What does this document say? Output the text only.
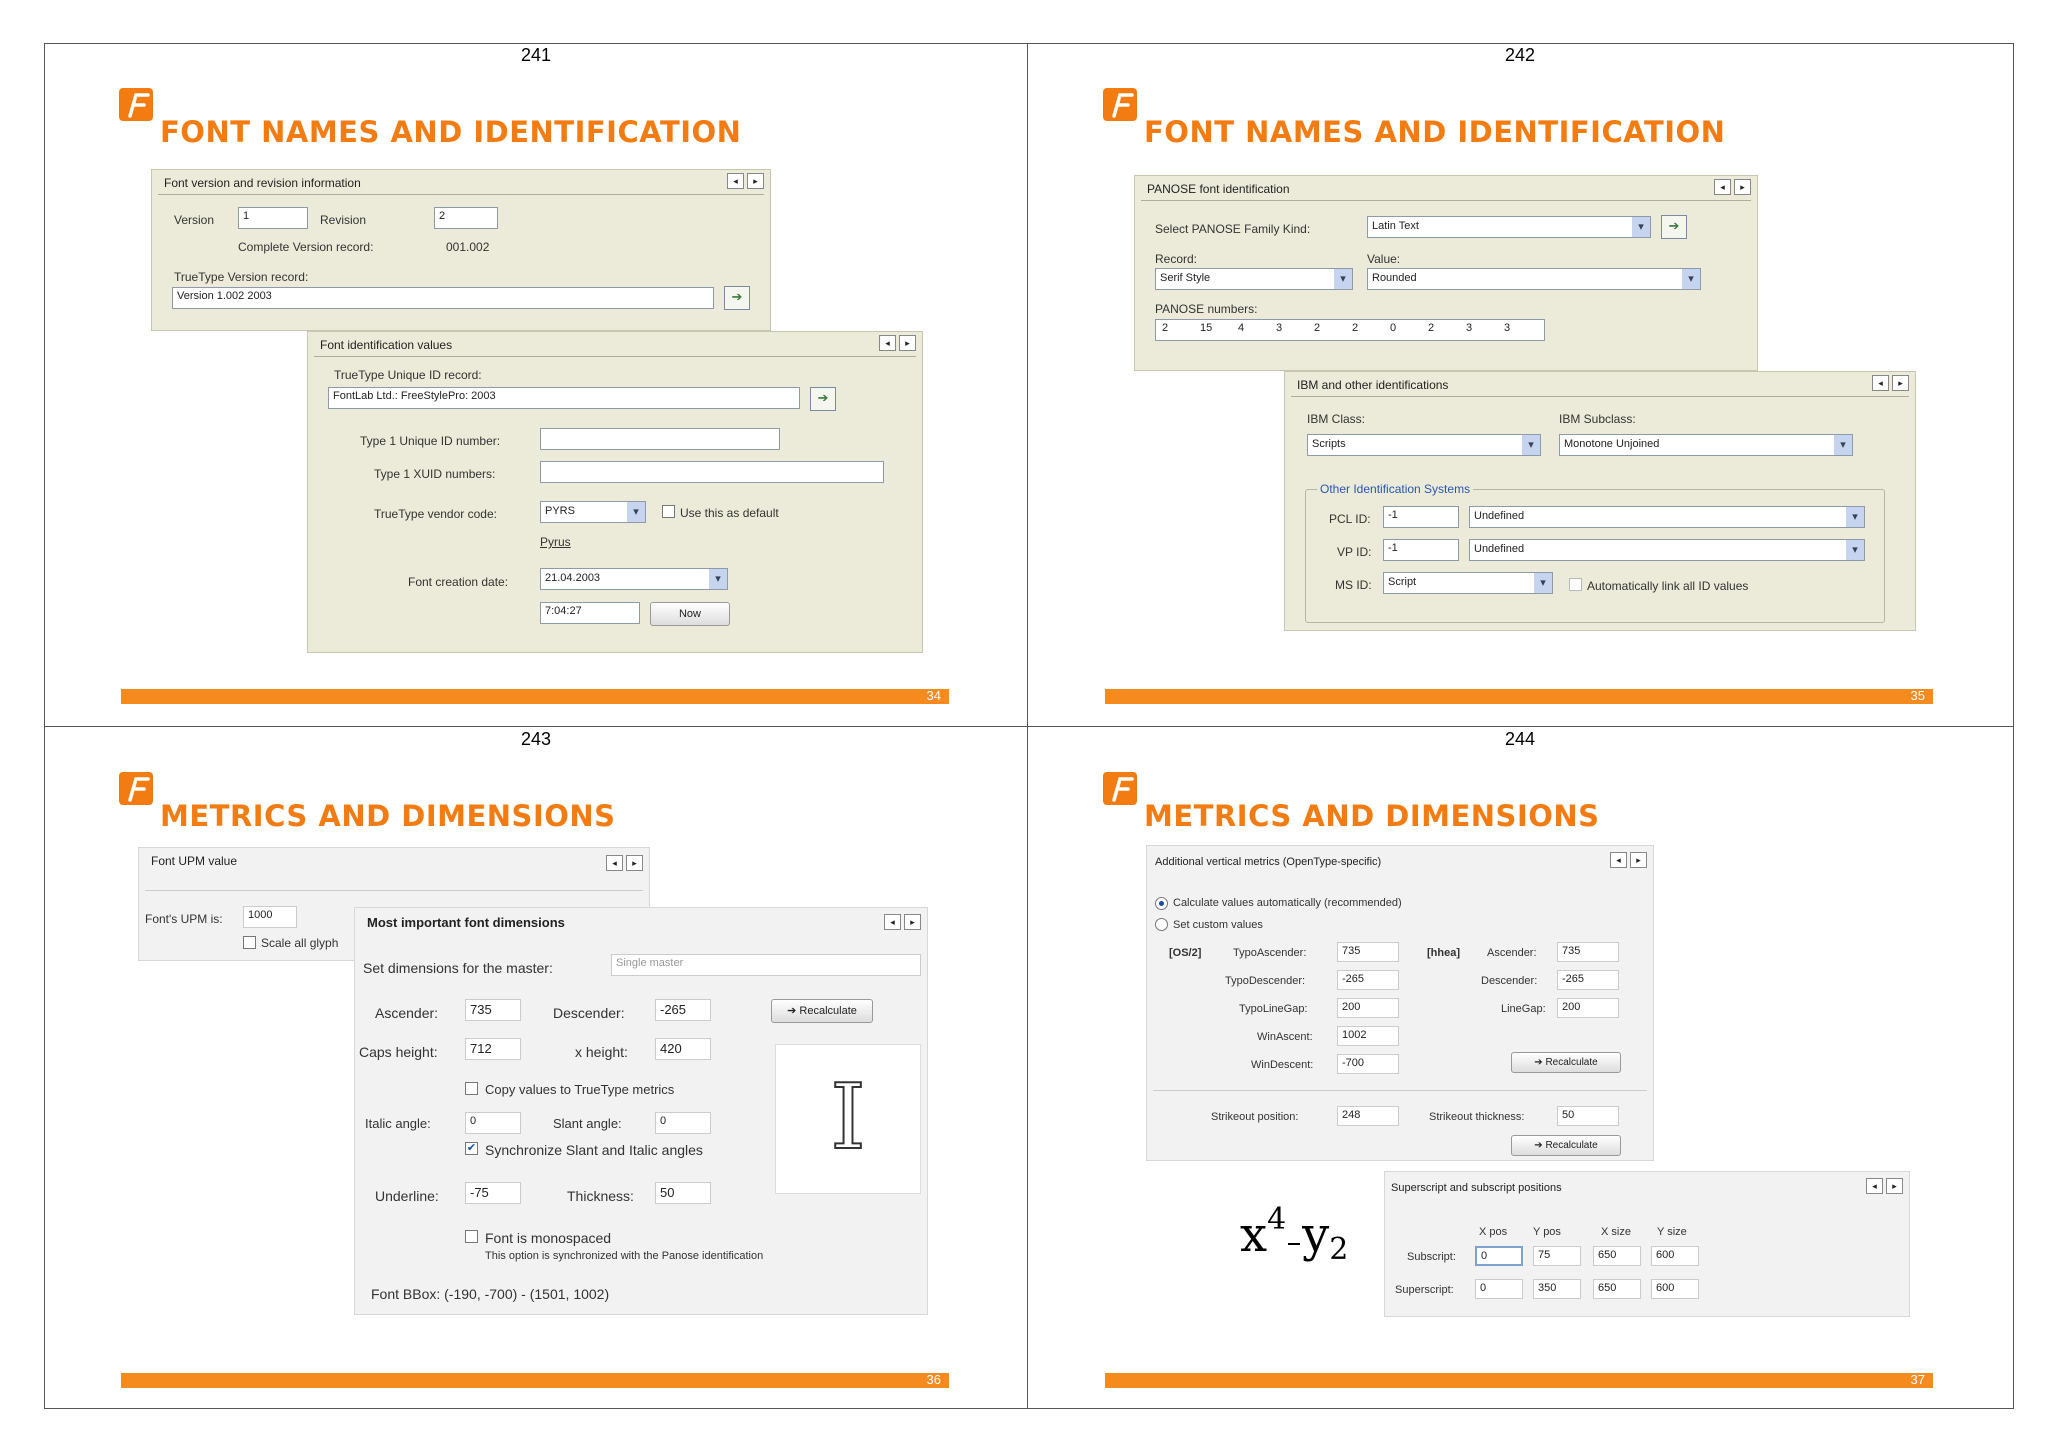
241
FONT NAMES AND IDENTIFICATION
Font version and revision information	◂	▸
Version	1	Revision	2
Complete Version record:	001.002
TrueType Version record:
Version 1.002 2003	➔
Font identification values	◂	▸
TrueType Unique ID record:
FontLab Ltd.: FreeStylePro: 2003	➔
Type 1 Unique ID number:
Type 1 XUID numbers:
TrueType vendor code:	PYRS ▾	Use this as default
Pyrus
Font creation date:	21.04.2003 ▾
7:04:27	Now
34
242
FONT NAMES AND IDENTIFICATION
PANOSE font identification	◂	▸
Select PANOSE Family Kind:	Latin Text ▾	➔
Record:
Serif Style ▾
Value:
Rounded ▾
PANOSE numbers:
2	15	4	3	2	2	0	2	3	3
IBM and other identifications	◂	▸
IBM Class:
Scripts ▾
IBM Subclass:
Monotone Unjoined ▾
Other Identification Systems
PCL ID:	-1	Undefined ▾
VP ID:	-1	Undefined ▾
MS ID:	Script ▾	Automatically link all ID values
35
243
METRICS AND DIMENSIONS
Font UPM value	◂	▸
Font's UPM is:	1000
Scale all glyph
Most important font dimensions	◂	▸
Set dimensions for the master:	Single master
Ascender:	735	Descender:	-265	➔ Recalculate
Caps height:	712	x height:	420
I
Copy values to TrueType metrics
Italic angle:	0	Slant angle:	0
✔ Synchronize Slant and Italic angles
Underline:	-75	Thickness:	50
Font is monospaced
This option is synchronized with the Panose identification
Font BBox: (-190, -700) - (1501, 1002)
36
244
METRICS AND DIMENSIONS
Additional vertical metrics (OpenType-specific)	◂	▸
Calculate values automatically (recommended)
Set custom values
[OS/2]	TypoAscender:	735
TypoDescender:	-265
TypoLineGap:	200
WinAscent:	1002
WinDescent:	-700
[hhea] Ascender:	735
Descender:	-265
LineGap:	200
➔ Recalculate
Strikeout position:	248	Strikeout thickness:	50
➔ Recalculate
$x^4$ $y_2$
Superscript and subscript positions	◂	▸
X pos Y pos	X size Y size
Subscript:	0	75	650	600
Superscript:	0	350	650	600
37
